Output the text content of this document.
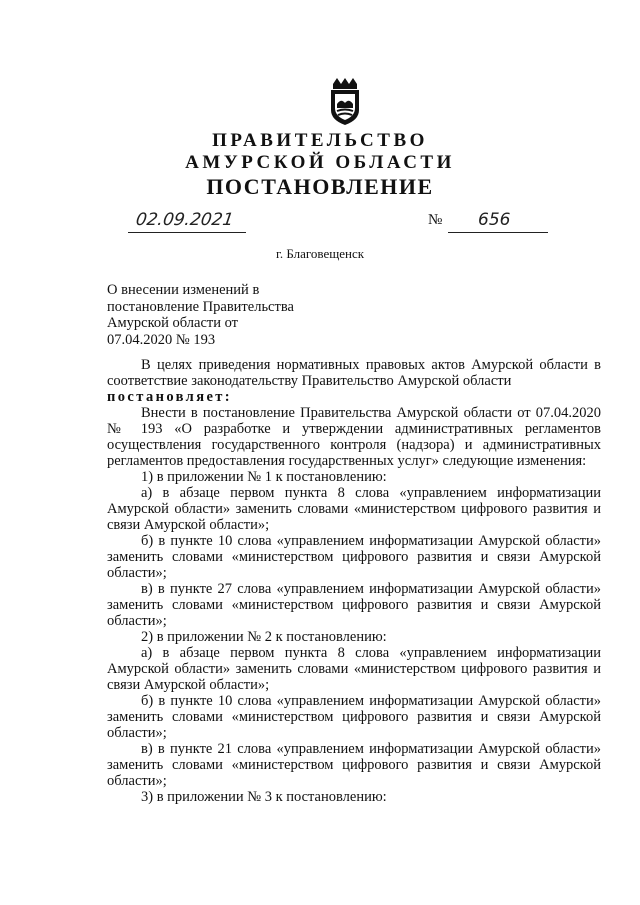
ПРАВИТЕЛЬСТВО
АМУРСКОЙ ОБЛАСТИ
ПОСТАНОВЛЕНИЕ
02.09.2021	№ 656
г. Благовещенск
О внесении изменений в
постановление Правительства
Амурской области от
07.04.2020 № 193

В целях приведения нормативных правовых актов Амурской области в соответствие законодательству Правительство Амурской области

постановляет:

Внести в постановление Правительства Амурской области от 07.04.2020 № 193 «О разработке и утверждении административных регламентов осуществления государственного контроля (надзора) и административных регламентов предоставления государственных услуг» следующие изменения:

1) в приложении № 1 к постановлению:

а) в абзаце первом пункта 8 слова «управлением информатизации Амурской области» заменить словами «министерством цифрового развития и связи Амурской области»;

б) в пункте 10 слова «управлением информатизации Амурской области» заменить словами «министерством цифрового развития и связи Амурской области»;

в) в пункте 27 слова «управлением информатизации Амурской области» заменить словами «министерством цифрового развития и связи Амурской области»;

2) в приложении № 2 к постановлению:

а) в абзаце первом пункта 8 слова «управлением информатизации Амурской области» заменить словами «министерством цифрового развития и связи Амурской области»;

б) в пункте 10 слова «управлением информатизации Амурской области» заменить словами «министерством цифрового развития и связи Амурской области»;

в) в пункте 21 слова «управлением информатизации Амурской области» заменить словами «министерством цифрового развития и связи Амурской области»;

3) в приложении № 3 к постановлению:
